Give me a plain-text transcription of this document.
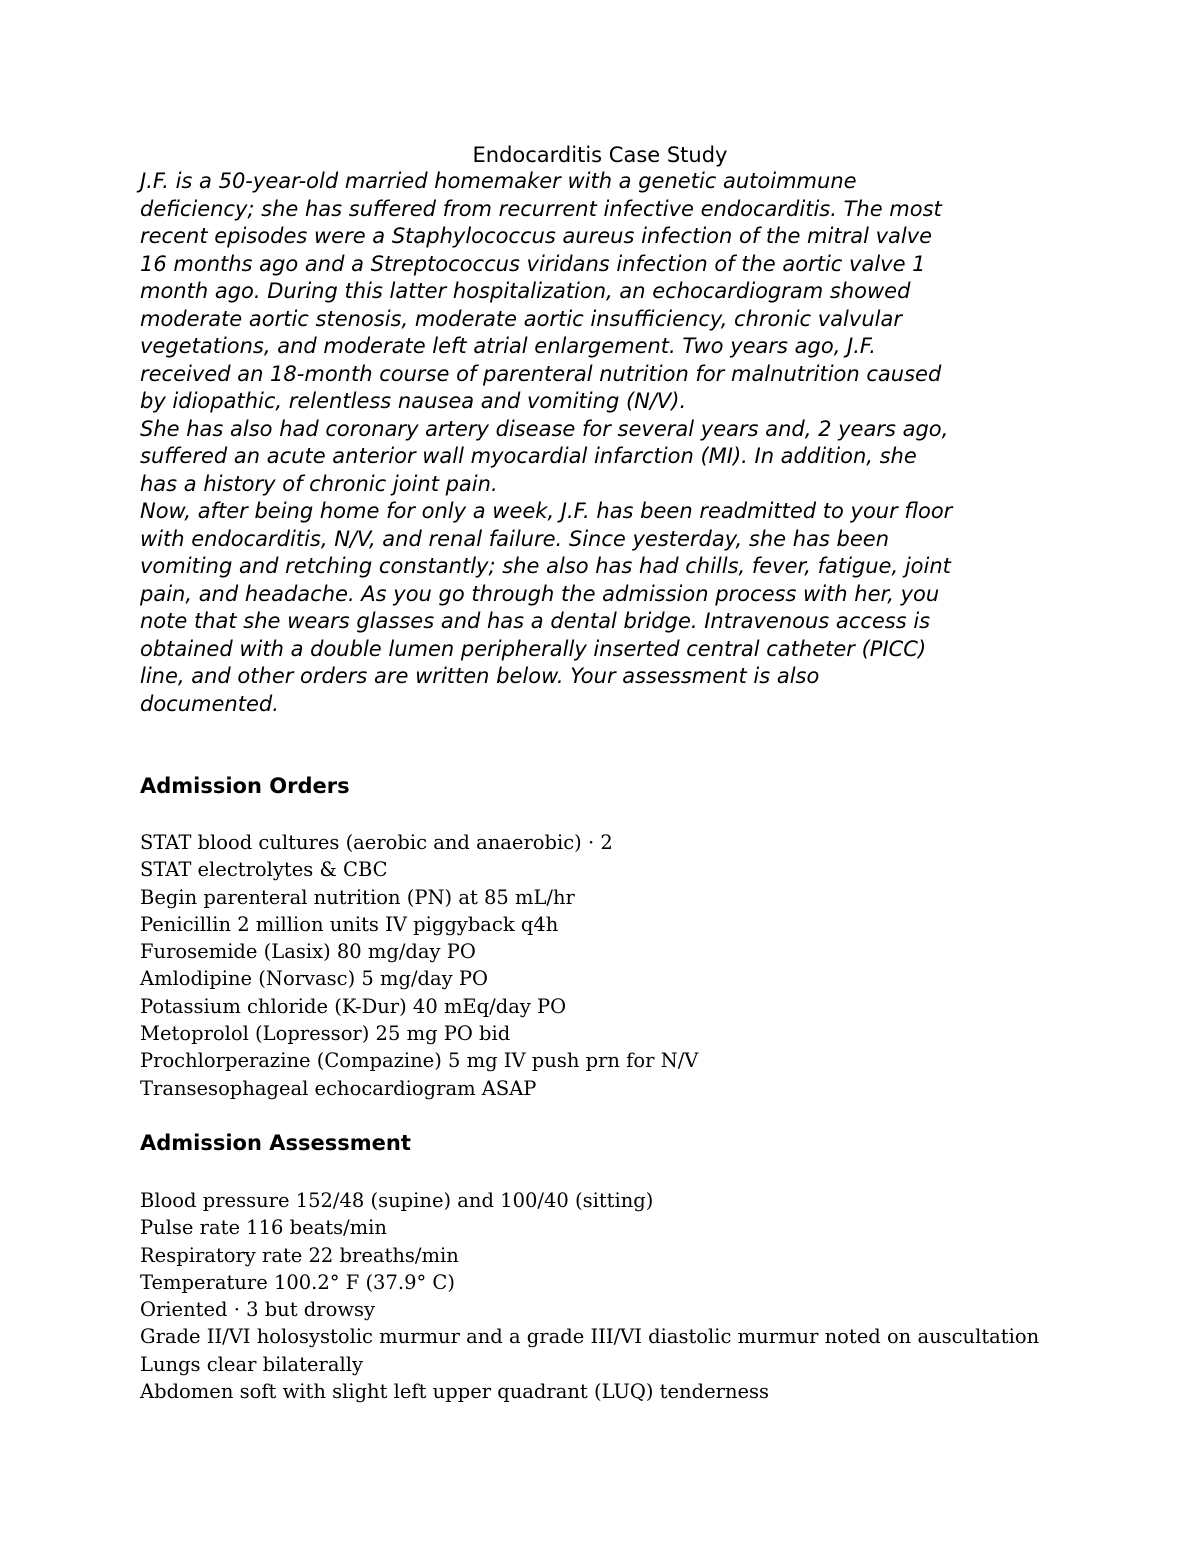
Endocarditis Case Study

J.F. is a 50-year-old married homemaker with a genetic autoimmune

deficiency; she has suffered from recurrent infective endocarditis. The most

recent episodes were a Staphylococcus aureus infection of the mitral valve

16 months ago and a Streptococcus viridans infection of the aortic valve 1

month ago. During this latter hospitalization, an echocardiogram showed

moderate aortic stenosis, moderate aortic insufficiency, chronic valvular

vegetations, and moderate left atrial enlargement. Two years ago, J.F.

received an 18-month course of parenteral nutrition for malnutrition caused

by idiopathic, relentless nausea and vomiting (N/V).

She has also had coronary artery disease for several years and, 2 years ago,

suffered an acute anterior wall myocardial infarction (MI). In addition, she

has a history of chronic joint pain.

Now, after being home for only a week, J.F. has been readmitted to your floor

with endocarditis, N/V, and renal failure. Since yesterday, she has been

vomiting and retching constantly; she also has had chills, fever, fatigue, joint

pain, and headache. As you go through the admission process with her, you

note that she wears glasses and has a dental bridge. Intravenous access is

obtained with a double lumen peripherally inserted central catheter (PICC)

line, and other orders are written below. Your assessment is also

documented.

Admission Orders
STAT blood cultures (aerobic and anaerobic) · 2
STAT electrolytes & CBC
Begin parenteral nutrition (PN) at 85 mL/hr
Penicillin 2 million units IV piggyback q4h
Furosemide (Lasix) 80 mg/day PO
Amlodipine (Norvasc) 5 mg/day PO
Potassium chloride (K-Dur) 40 mEq/day PO
Metoprolol (Lopressor) 25 mg PO bid
Prochlorperazine (Compazine) 5 mg IV push prn for N/V
Transesophageal echocardiogram ASAP
Admission Assessment
Blood pressure 152/48 (supine) and 100/40 (sitting)
Pulse rate 116 beats/min
Respiratory rate 22 breaths/min
Temperature 100.2° F (37.9° C)
Oriented · 3 but drowsy
Grade II/VI holosystolic murmur and a grade III/VI diastolic murmur noted on auscultation
Lungs clear bilaterally
Abdomen soft with slight left upper quadrant (LUQ) tenderness
